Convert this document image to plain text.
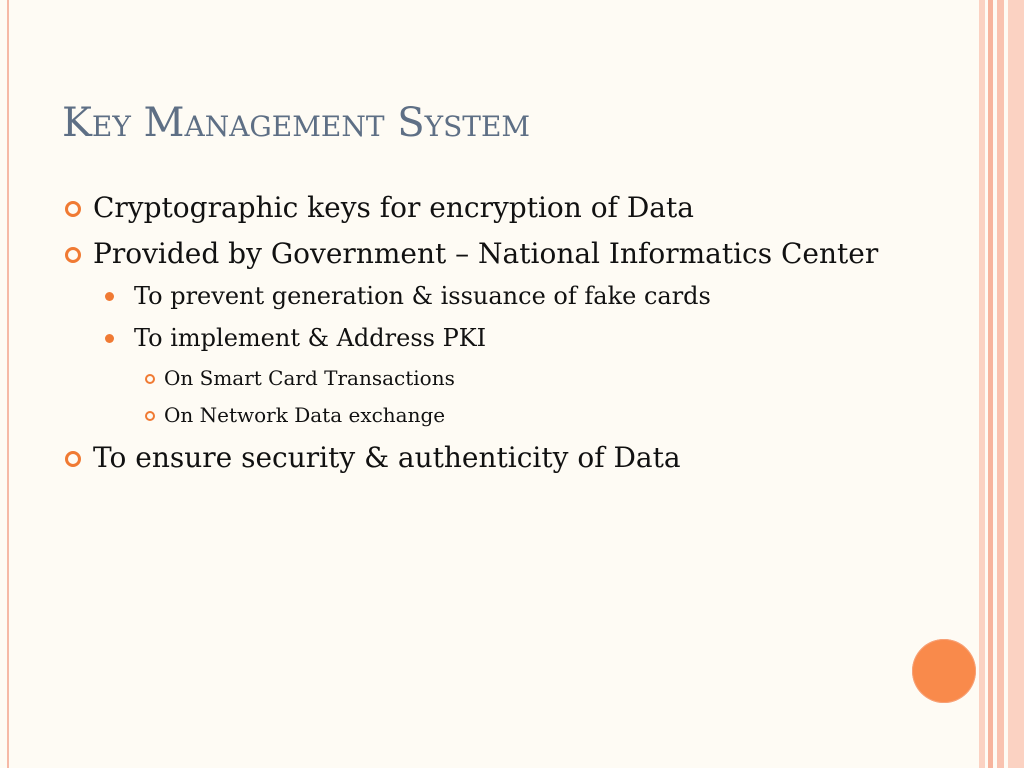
Key Management System

Cryptographic keys for encryption of Data

Provided by Government – National Informatics Center

To prevent generation & issuance of fake cards

To implement & Address PKI

On Smart Card Transactions

On Network Data exchange

To ensure security & authenticity of Data
